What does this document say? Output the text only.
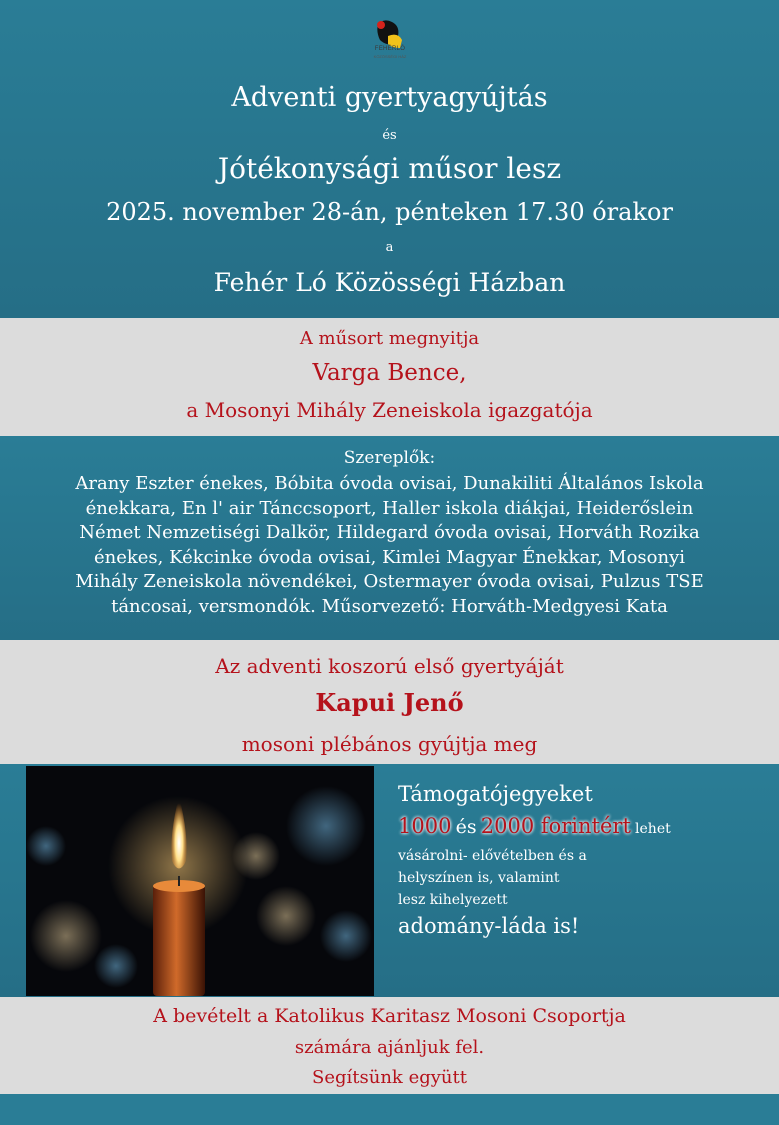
FEHÉRLÓ
KÖZÖSSÉGI HÁZ
Adventi gyertyagyújtás
és
Jótékonysági műsor lesz
2025. november 28-án, pénteken 17.30 órakor
a
Fehér Ló Közösségi Házban
A műsort megnyitja
Varga Bence,
a Mosonyi Mihály Zeneiskola igazgatója
Szereplők:
Arany Eszter énekes, Bóbita óvoda ovisai, Dunakiliti Általános Iskola
énekkara, En l' air Tánccsoport, Haller iskola diákjai, Heiderőslein
Német Nemzetiségi Dalkör, Hildegard óvoda ovisai, Horváth Rozika
énekes, Kékcinke óvoda ovisai, Kimlei Magyar Énekkar, Mosonyi
Mihály Zeneiskola növendékei, Ostermayer óvoda ovisai, Pulzus TSE
táncosai, versmondók. Műsorvezető: Horváth-Medgyesi Kata
Az adventi koszorú első gyertyáját
Kapui Jenő
mosoni plébános gyújtja meg
Támogatójegyeket
1000 és 2000 forintért lehet
vásárolni- elővételben és a
helyszínen is, valamint
lesz kihelyezett
adomány-láda is!
A bevételt a Katolikus Karitasz Mosoni Csoportja
számára ajánljuk fel.
Segítsünk együtt
